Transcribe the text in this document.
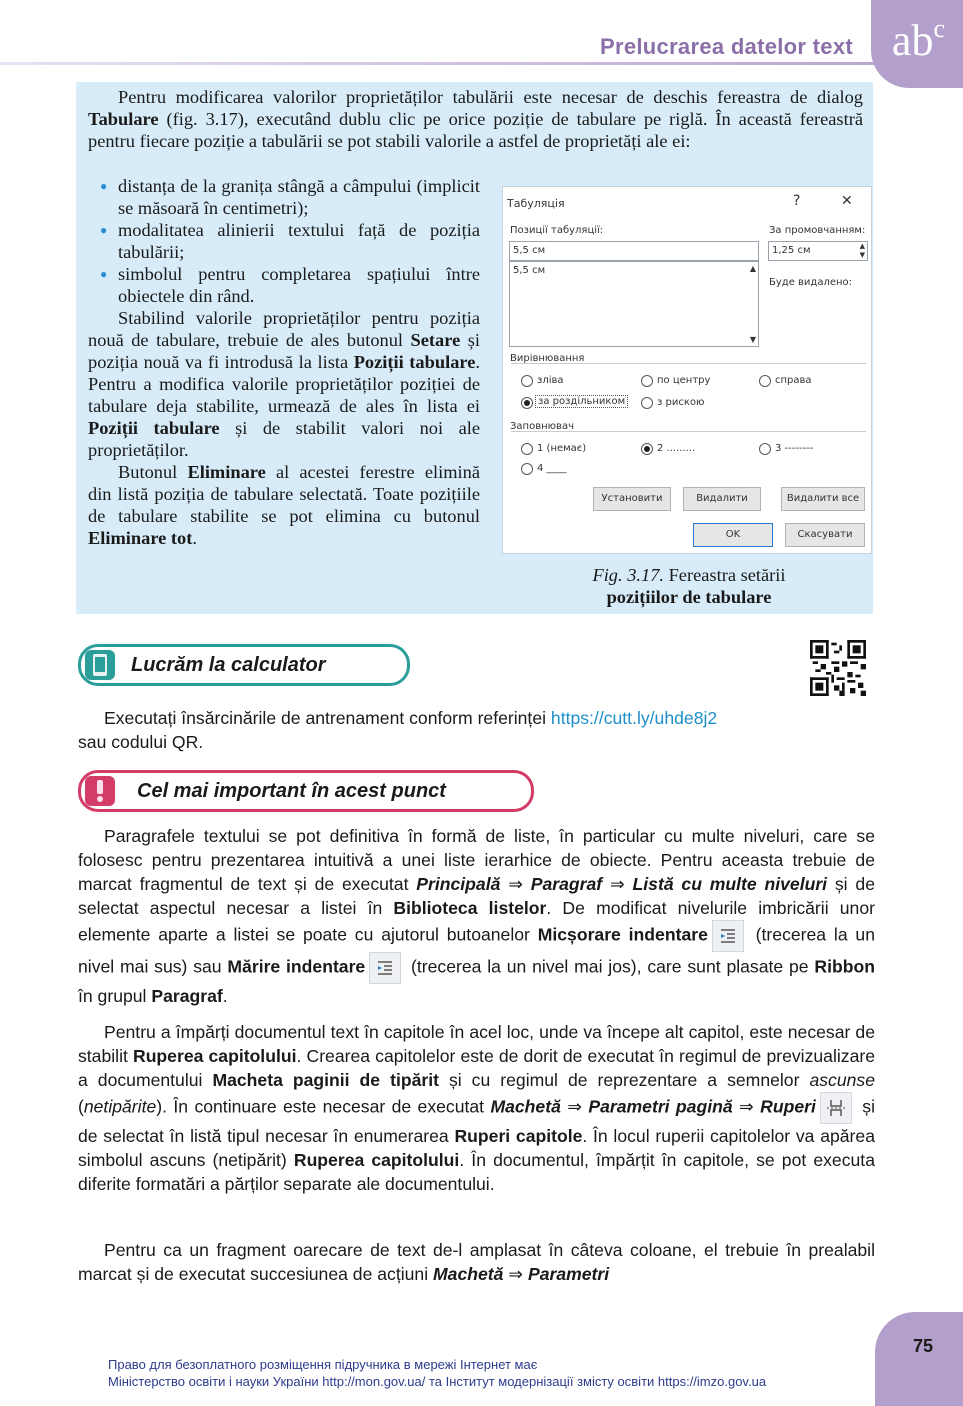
Prelucrarea datelor text $ab^c$
Pentru modificarea valorilor proprietăților tabulării este necesar de deschis fereastra de dialog Tabulare (fig. 3.17), executând dublu clic pe orice poziție de tabulare pe riglă. În această fereastră pentru fiecare poziție a tabulării se pot stabili valorile a astfel de proprietăți ale ei:
● distanța de la granița stângă a câmpului (implicit se măsoară în centimetri);
● modalitatea alinierii textului față de poziția tabulării;
● simbolul pentru completarea spațiului între obiectele din rând.

Stabilind valorile proprietăților pentru poziția nouă de tabulare, trebuie de ales butonul Setare și poziția nouă va fi introdusă la lista Poziții tabulare. Pentru a modifica valorile proprietăților poziției de tabulare deja stabilite, urmează de ales în lista ei Poziții tabulare și de stabilit valori noi ale proprietăților.

Butonul Eliminare al acestei ferestre elimină din listă poziția de tabulare selectată. Toate pozițiile de tabulare stabilite se pot elimina cu butonul Eliminare tot.

Табуляція	?	✕
Позиції табуляції:
5,5 см
5,5 см	▲
▼
За промовчанням:
1,25 см	▲
▼
Буде видалено:
Вирівнювання
зліва	по центру	справа
за роздільником	з рискою
Заповнювач
1 (немає)	2 .........	3 --------
4 ____
Установити	Видалити	Видалити все
OK	Скасувати
Fig. 3.17. Fereastra setării
pozițiilor de tabulare
Lucrăm la calculator
Executați însărcinările de antrenament conform referinței https://cutt.ly/uhde8j2
sau codului QR.
Cel mai important în acest punct
Paragrafele textului se pot definitiva în formă de liste, în particular cu multe niveluri, care se folosesc pentru prezentarea intuitivă a unei liste ierarhice de obiecte. Pentru aceasta trebuie de marcat fragmentul de text și de executat Principală ⇒ Paragraf ⇒ Listă cu multe niveluri și de selectat aspectul necesar a listei în Biblioteca listelor. De modificat nivelurile imbricării unor elemente aparte a listei se poate cu ajutorul butoanelor Micșorare indentare (trecerea la un nivel mai sus) sau Mărire indentare (trecerea la un nivel mai jos), care sunt plasate pe Ribbon în grupul Paragraf.
Pentru a împărți documentul text în capitole în acel loc, unde va începe alt capitol, este necesar de stabilit Ruperea capitolului. Crearea capitolelor este de dorit de executat în regimul de previzualizare a documentului Macheta paginii de tipărit și cu regimul de reprezentare a semnelor ascunse (netipărite). În continuare este necesar de executat Machetă ⇒ Parametri pagină ⇒ Ruperi și de selectat în listă tipul necesar în enumerarea Ruperi capitole. În locul ruperii capitolelor va apărea simbolul ascuns (netipărit) Ruperea capitolului. În documentul, împărțit în capitole, se pot executa diferite formatări a părților separate ale documentului.
Pentru ca un fragment oarecare de text de-l amplasat în câteva coloane, el trebuie în prealabil marcat și de executat succesiunea de acțiuni Machetă ⇒ Parametri
75
Право для безоплатного розміщення підручника в мережі Інтернет має
Міністерство освіти і науки України http://mon.gov.ua/ та Інститут модернізації змісту освіти https://imzo.gov.ua
